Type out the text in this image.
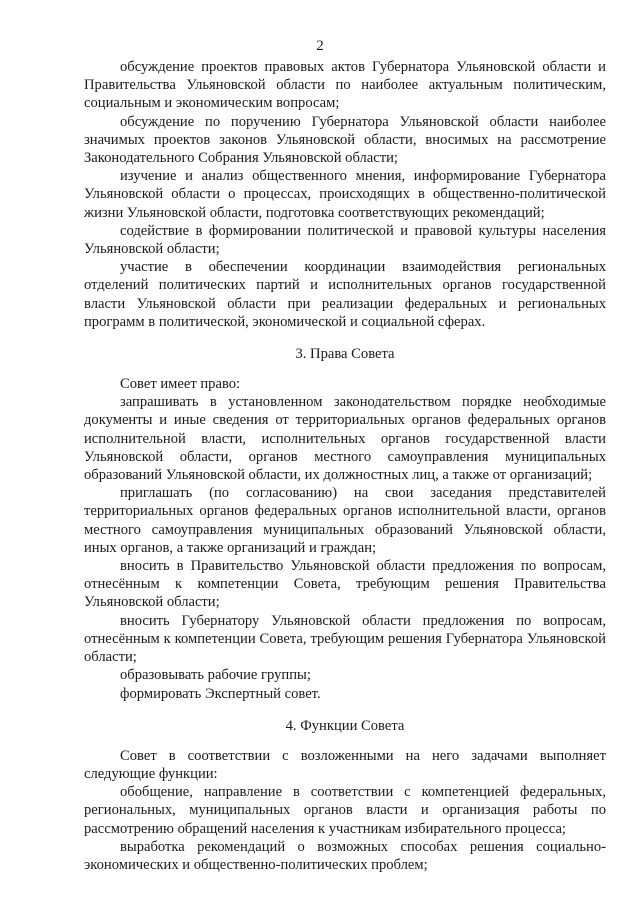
2

обсуждение проектов правовых актов Губернатора Ульяновской области и Правительства Ульяновской области по наиболее актуальным политическим, социальным и экономическим вопросам;

обсуждение по поручению Губернатора Ульяновской области наиболее значимых проектов законов Ульяновской области, вносимых на рассмотрение Законодательного Собрания Ульяновской области;

изучение и анализ общественного мнения, информирование Губернатора Ульяновской области о процессах, происходящих в общественно-политической жизни Ульяновской области, подготовка соответствующих рекомендаций;

содействие в формировании политической и правовой культуры населения Ульяновской области;

участие в обеспечении координации взаимодействия региональных отделений политических партий и исполнительных органов государственной власти Ульяновской области при реализации федеральных и региональных программ в политической, экономической и социальной сферах.

3. Права Совета

Совет имеет право:

запрашивать в установленном законодательством порядке необходимые документы и иные сведения от территориальных органов федеральных органов исполнительной власти, исполнительных органов государственной власти Ульяновской области, органов местного самоуправления муниципальных образований Ульяновской области, их должностных лиц, а также от организаций;

приглашать (по согласованию) на свои заседания представителей территориальных органов федеральных органов исполнительной власти, органов местного самоуправления муниципальных образований Ульяновской области, иных органов, а также организаций и граждан;

вносить в Правительство Ульяновской области предложения по вопросам, отнесённым к компетенции Совета, требующим решения Правительства Ульяновской области;

вносить Губернатору Ульяновской области предложения по вопросам, отнесённым к компетенции Совета, требующим решения Губернатора Ульяновской области;

образовывать рабочие группы;

формировать Экспертный совет.

4. Функции Совета

Совет в соответствии с возложенными на него задачами выполняет следующие функции:

обобщение, направление в соответствии с компетенцией федеральных, региональных, муниципальных органов власти и организация работы по рассмотрению обращений населения к участникам избирательного процесса;

выработка рекомендаций о возможных способах решения социально-экономических и общественно-политических проблем;
